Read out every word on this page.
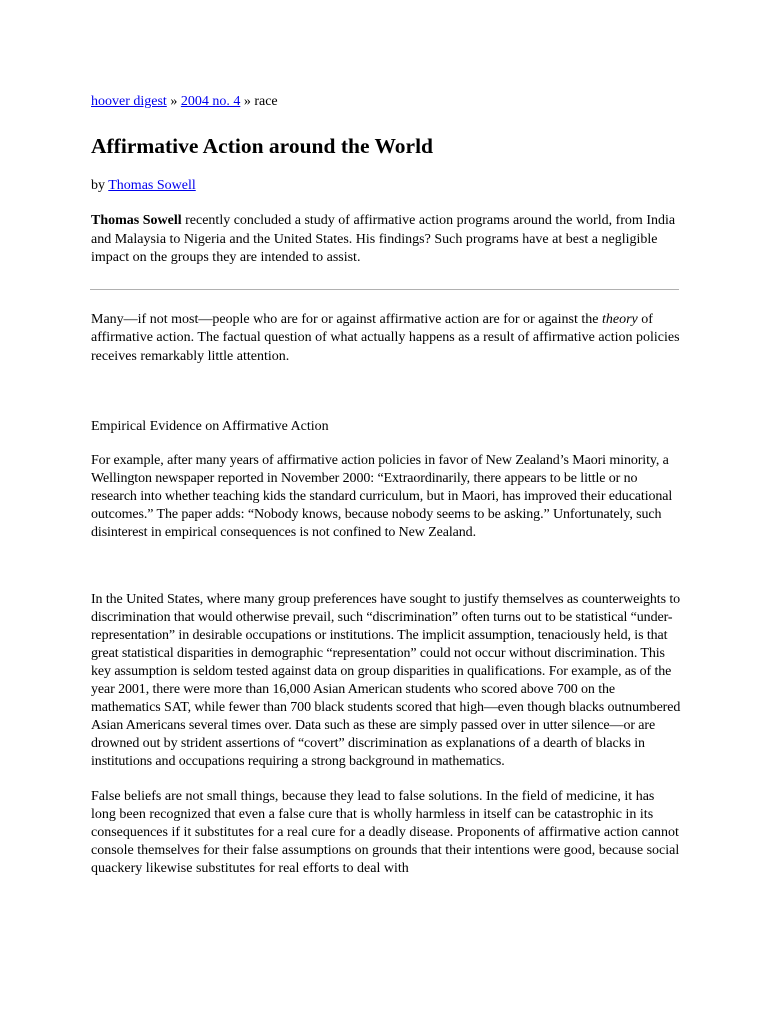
hoover digest » 2004 no. 4 » race

Affirmative Action around the World

by Thomas Sowell

Thomas Sowell recently concluded a study of affirmative action programs around the world, from India and Malaysia to Nigeria and the United States. His findings? Such programs have at best a negligible impact on the groups they are intended to assist.

Many—if not most—people who are for or against affirmative action are for or against the theory of affirmative action. The factual question of what actually happens as a result of affirmative action policies receives remarkably little attention.

Empirical Evidence on Affirmative Action

For example, after many years of affirmative action policies in favor of New Zealand’s Maori minority, a Wellington newspaper reported in November 2000: “Extraordinarily, there appears to be little or no research into whether teaching kids the standard curriculum, but in Maori, has improved their educational outcomes.” The paper adds: “Nobody knows, because nobody seems to be asking.” Unfortunately, such disinterest in empirical consequences is not confined to New Zealand.

In the United States, where many group preferences have sought to justify themselves as counterweights to discrimination that would otherwise prevail, such “discrimination” often turns out to be statistical “under-representation” in desirable occupations or institutions. The implicit assumption, tenaciously held, is that great statistical disparities in demographic “representation” could not occur without discrimination. This key assumption is seldom tested against data on group disparities in qualifications. For example, as of the year 2001, there were more than 16,000 Asian American students who scored above 700 on the mathematics SAT, while fewer than 700 black students scored that high—even though blacks outnumbered Asian Americans several times over. Data such as these are simply passed over in utter silence—or are drowned out by strident assertions of “covert” discrimination as explanations of a dearth of blacks in institutions and occupations requiring a strong background in mathematics.

False beliefs are not small things, because they lead to false solutions. In the field of medicine, it has long been recognized that even a false cure that is wholly harmless in itself can be catastrophic in its consequences if it substitutes for a real cure for a deadly disease. Proponents of affirmative action cannot console themselves for their false assumptions on grounds that their intentions were good, because social quackery likewise substitutes for real efforts to deal with
